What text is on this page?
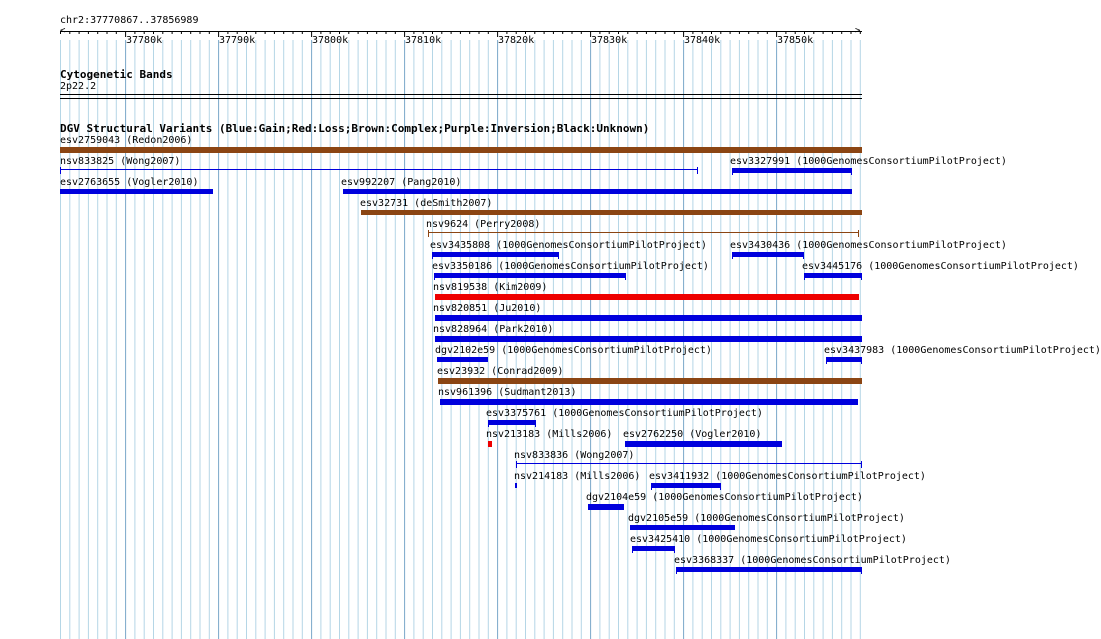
chr2:37770867..37856989
<	>
37780k	37790k	37800k	37810k	37820k	37830k	37840k	37850k
Cytogenetic Bands
2p22.2
DGV Structural Variants (Blue:Gain;Red:Loss;Brown:Complex;Purple:Inversion;Black:Unknown)
esv2759043 (Redon2006)
nsv833825 (Wong2007)	esv3327991 (1000GenomesConsortiumPilotProject)
esv2763655 (Vogler2010)	esv992207 (Pang2010)
esv32731 (deSmith2007)
nsv9624 (Perry2008)
esv3435808 (1000GenomesConsortiumPilotProject) esv3430436 (1000GenomesConsortiumPilotProject)
esv3350186 (1000GenomesConsortiumPilotProject)	esv3445176 (1000GenomesConsortiumPilotProject)
nsv819538 (Kim2009)
nsv820851 (Ju2010)
nsv828964 (Park2010)
dgv2102e59 (1000GenomesConsortiumPilotProject)	esv3437983 (1000GenomesConsortiumPilotProject)
esv23932 (Conrad2009)
nsv961396 (Sudmant2013)
esv3375761 (1000GenomesConsortiumPilotProject)
nsv213183 (Mills2006) esv2762250 (Vogler2010)
nsv833836 (Wong2007)
nsv214183 (Mills2006) esv3411932 (1000GenomesConsortiumPilotProject)
dgv2104e59 (1000GenomesConsortiumPilotProject)
dgv2105e59 (1000GenomesConsortiumPilotProject)
esv3425410 (1000GenomesConsortiumPilotProject)
esv3368337 (1000GenomesConsortiumPilotProject)
